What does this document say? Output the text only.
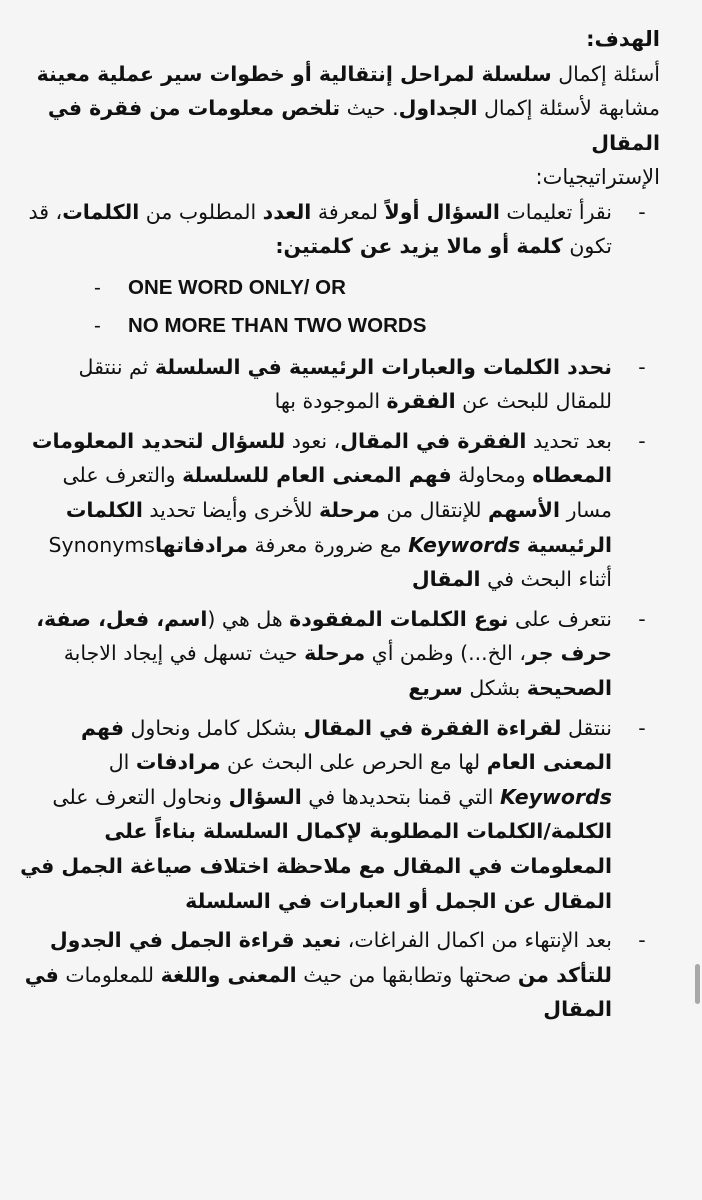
الهدف:

أسئلة إكمال سلسلة لمراحل إنتقالية أو خطوات سير عملية معينة مشابهة لأسئلة إكمال الجداول. حيث تلخص معلومات من فقرة في المقال

الإستراتيجيات:

-
نقرأ تعليمات السؤال أولاً لمعرفة العدد المطلوب من الكلمات، قد تكون كلمة أو مالا يزيد عن كلمتين:
- ONE WORD ONLY/ OR
- NO MORE THAN TWO WORDS
-
نحدد الكلمات والعبارات الرئيسية في السلسلة ثم ننتقل للمقال للبحث عن الفقرة الموجودة بها
-
بعد تحديد الفقرة في المقال، نعود للسؤال لتحديد المعلومات المعطاه ومحاولة فهم المعنى العام للسلسلة والتعرف على مسار الأسهم للإنتقال من مرحلة للأخرى وأيضا تحديد الكلمات الرئيسية Keywords مع ضرورة معرفة مرادفاتها Synonyms أثناء البحث في المقال
-
نتعرف على نوع الكلمات المفقودة هل هي (اسم، فعل، صفة، حرف جر، الخ...) وظمن أي مرحلة حيث تسهل في إيجاد الاجابة الصحيحة بشكل سريع
-
ننتقل لقراءة الفقرة في المقال بشكل كامل ونحاول فهم المعنى العام لها مع الحرص على البحث عن مرادفات ال Keywords التي قمنا بتحديدها في السؤال ونحاول التعرف على الكلمة/الكلمات المطلوبة لإكمال السلسلة بناءاً على المعلومات في المقال مع ملاحظة اختلاف صياغة الجمل في المقال عن الجمل أو العبارات في السلسلة
-
بعد الإنتهاء من اكمال الفراغات، نعيد قراءة الجمل في الجدول للتأكد من صحتها وتطابقها من حيث المعنى واللغة للمعلومات في المقال
